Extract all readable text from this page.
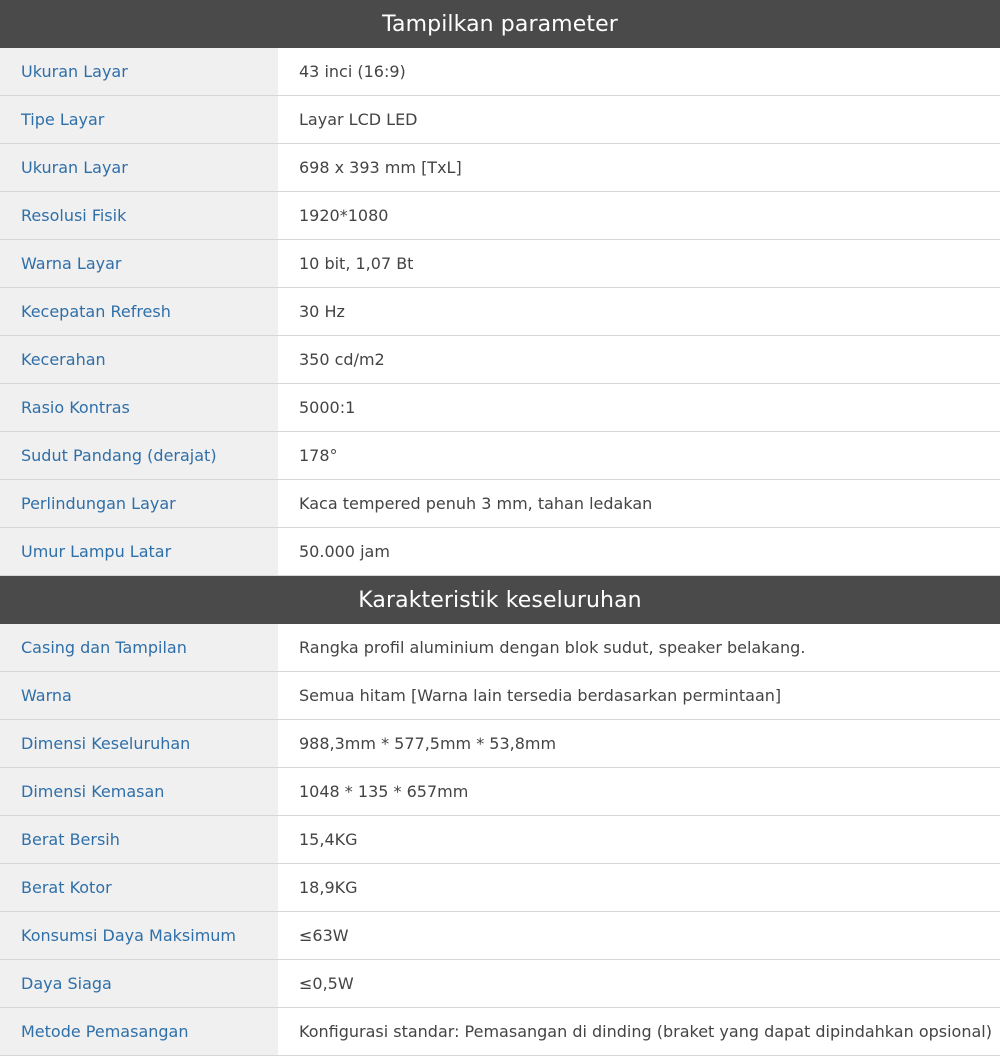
Tampilkan parameter
Ukuran Layar	43 inci (16:9)
Tipe Layar	Layar LCD LED
Ukuran Layar	698 x 393 mm [TxL]
Resolusi Fisik	1920*1080
Warna Layar	10 bit, 1,07 Bt
Kecepatan Refresh	30 Hz
Kecerahan	350 cd/m2
Rasio Kontras	5000:1
Sudut Pandang (derajat)	178°
Perlindungan Layar	Kaca tempered penuh 3 mm, tahan ledakan
Umur Lampu Latar	50.000 jam
Karakteristik keseluruhan
Casing dan Tampilan	Rangka profil aluminium dengan blok sudut, speaker belakang.
Warna	Semua hitam [Warna lain tersedia berdasarkan permintaan]
Dimensi Keseluruhan	988,3mm * 577,5mm * 53,8mm
Dimensi Kemasan	1048 * 135 * 657mm
Berat Bersih	15,4KG
Berat Kotor	18,9KG
Konsumsi Daya Maksimum	≤63W
Daya Siaga	≤0,5W
Metode Pemasangan	Konfigurasi standar: Pemasangan di dinding (braket yang dapat dipindahkan opsional)
